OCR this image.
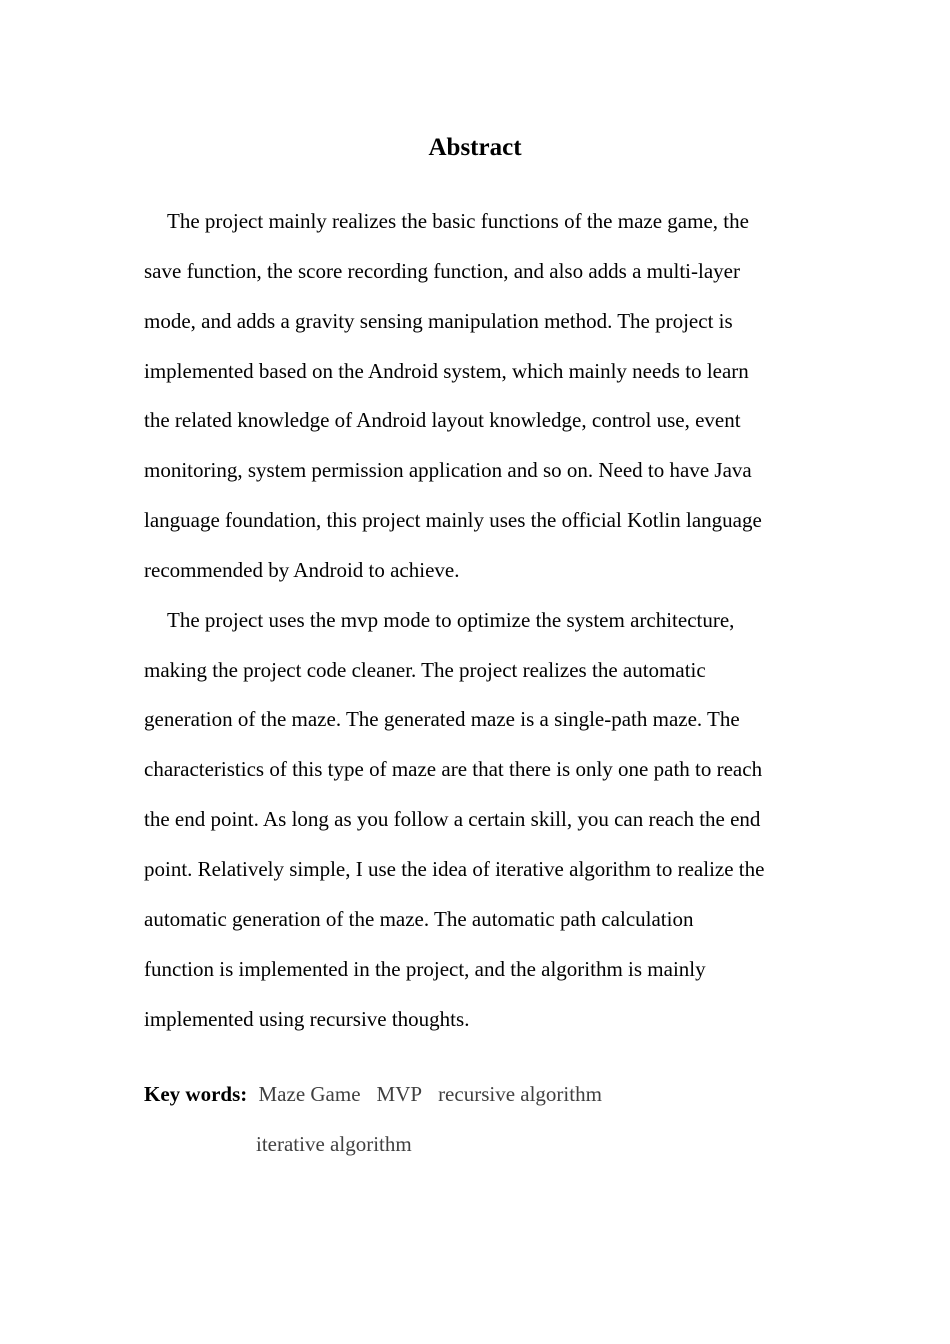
Abstract
The project mainly realizes the basic functions of the maze game, the
save function, the score recording function, and also adds a multi-layer
mode, and adds a gravity sensing manipulation method. The project is
implemented based on the Android system, which mainly needs to learn
the related knowledge of Android layout knowledge, control use, event
monitoring, system permission application and so on. Need to have Java
language foundation, this project mainly uses the official Kotlin language
recommended by Android to achieve.
The project uses the mvp mode to optimize the system architecture,
making the project code cleaner. The project realizes the automatic
generation of the maze. The generated maze is a single-path maze. The
characteristics of this type of maze are that there is only one path to reach
the end point. As long as you follow a certain skill, you can reach the end
point. Relatively simple, I use the idea of iterative algorithm to realize the
automatic generation of the maze. The automatic path calculation
function is implemented in the project, and the algorithm is mainly
implemented using recursive thoughts.
Key words: Maze Game MVP recursive algorithm
iterative algorithm
